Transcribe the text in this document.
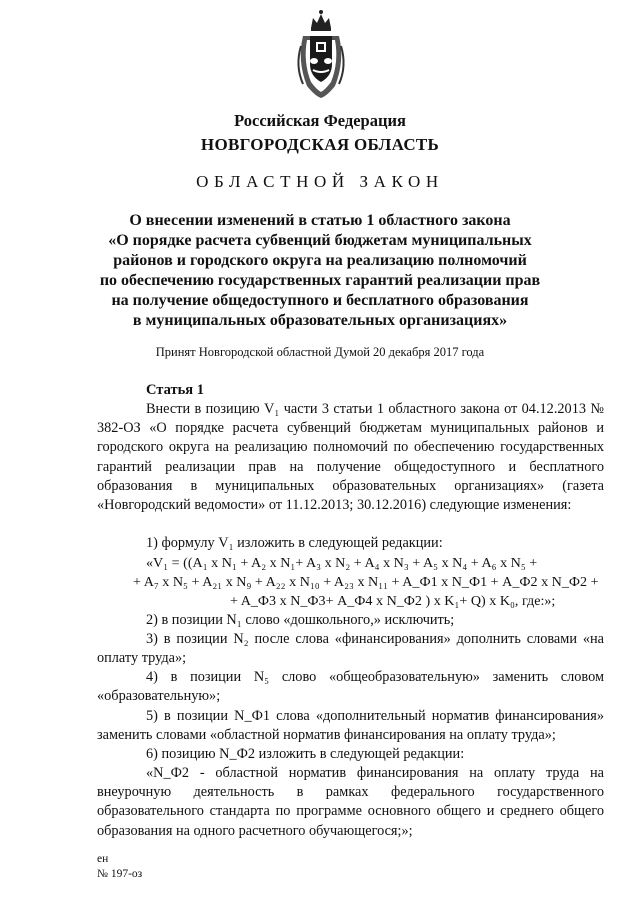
Российская Федерация
НОВГОРОДСКАЯ ОБЛАСТЬ
ОБЛАСТНОЙ ЗАКОН
О внесении изменений в статью 1 областного закона
«О порядке расчета субвенций бюджетам муниципальных
районов и городского округа на реализацию полномочий
по обеспечению государственных гарантий реализации прав
на получение общедоступного и бесплатного образования
в муниципальных образовательных организациях»
Принят Новгородской областной Думой 20 декабря 2017 года
Статья 1
Внести в позицию V₁ части 3 статьи 1 областного закона от 04.12.2013 № 382-ОЗ «О порядке расчета субвенций бюджетам муниципальных районов и городского округа на реализацию полномочий по обеспечению государственных гарантий реализации прав на получение общедоступного и бесплатного образования в муниципальных образовательных организациях» (газета «Новгородский ведомости» от 11.12.2013; 30.12.2016) следующие изменения:
1) формулу V₁ изложить в следующей редакции:
«V₁ = ((A₁ x N₁ + A₂ x N₁+ A₃ x N₂ + A₄ x N₃ + A₅ x N₄ + A₆ x N₅ +
+ A₇ x N₅ + A₂₁ x N₉ + A₂₂ x N₁₀ + A₂₃ x N₁₁ + A_Ф1 x N_Ф1 + A_Ф2 x N_Ф2 +
+ A_Ф3 x N_Ф3+ A_Ф4 x N_Ф2 ) x K₁+ Q) x K₀, где:»;
2) в позиции N₁ слово «дошкольного,» исключить;
3) в позиции N₂ после слова «финансирования» дополнить словами «на оплату труда»;
4) в позиции N₅ слово «общеобразовательную» заменить словом «образовательную»;
5) в позиции N_Ф1 слова «дополнительный норматив финансирования» заменить словами «областной норматив финансирования на оплату труда»;
6) позицию N_Ф2 изложить в следующей редакции:
«N_Ф2 - областной норматив финансирования на оплату труда на внеурочную деятельность в рамках федерального государственного образовательного стандарта по программе основного общего и среднего общего образования на одного расчетного обучающегося;»;
ен
№ 197-оз
